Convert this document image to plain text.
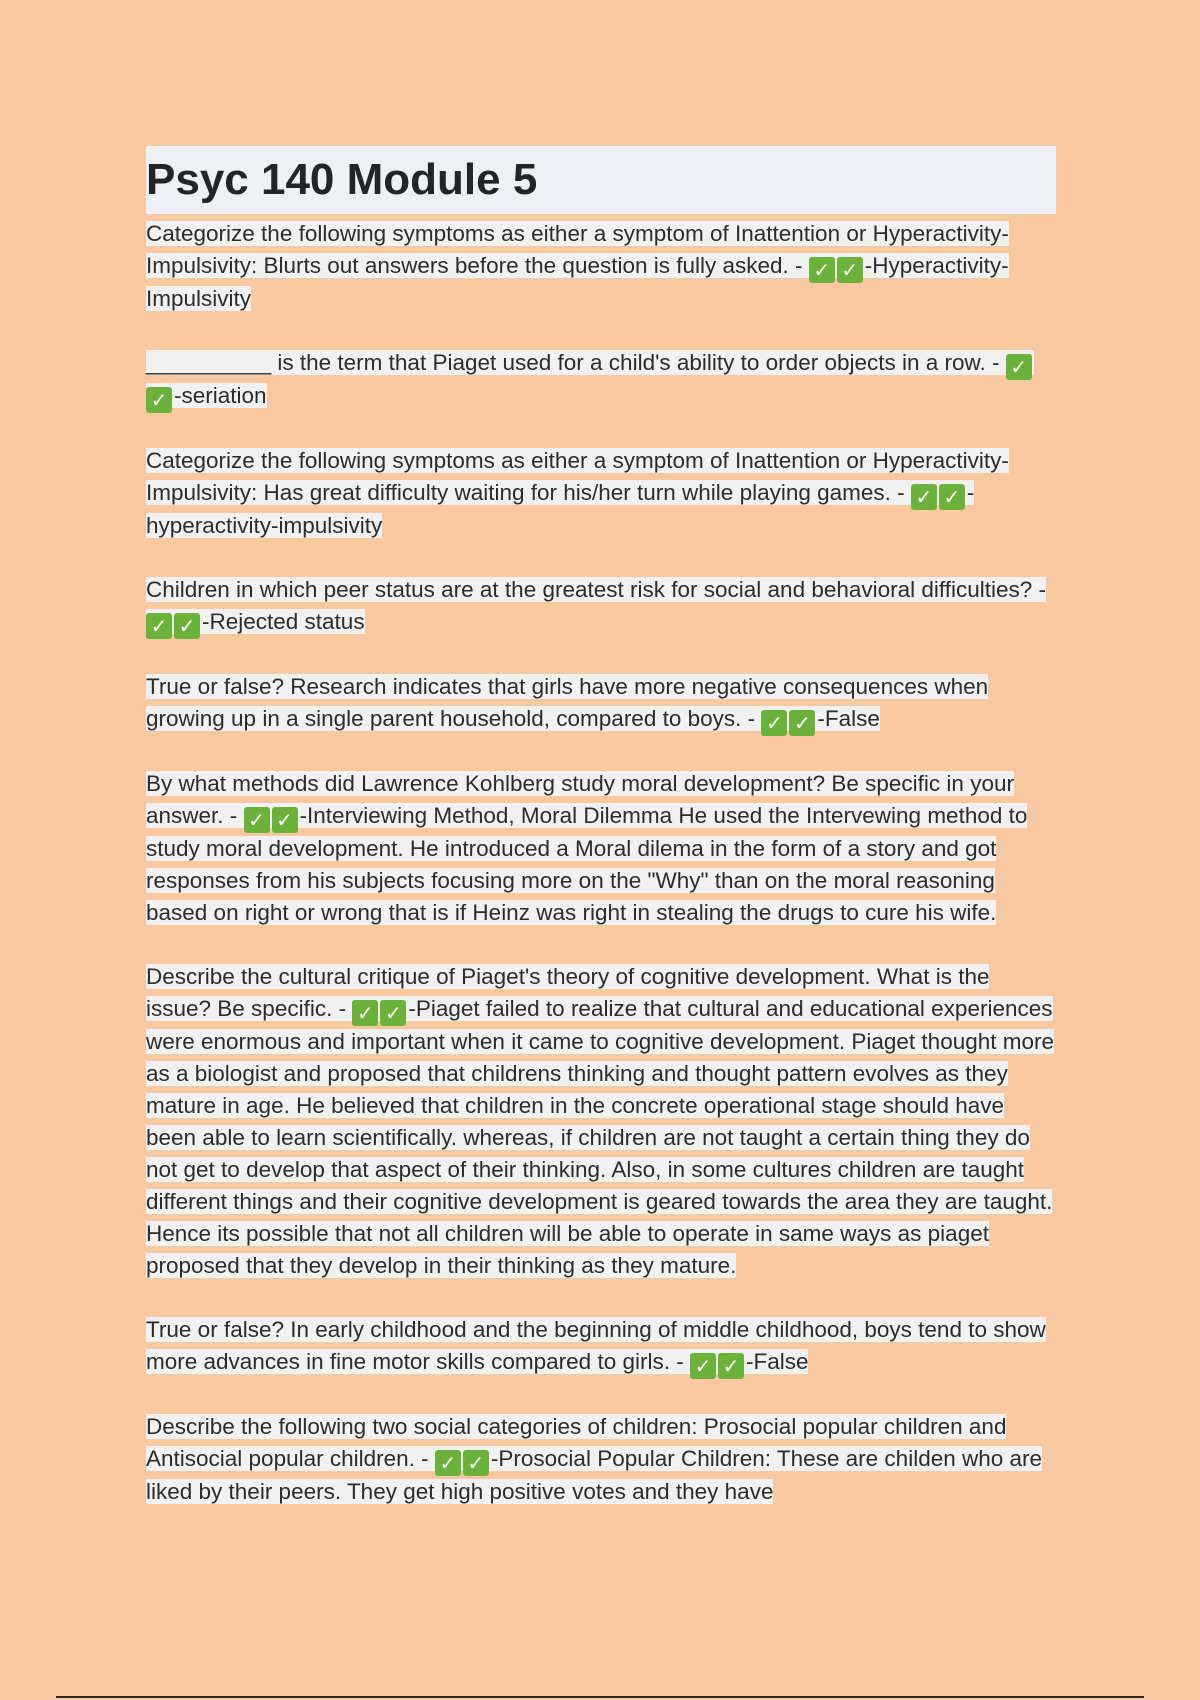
Psyc 140 Module 5

Categorize the following symptoms as either a symptom of Inattention or Hyperactivity-Impulsivity: Blurts out answers before the question is fully asked. - ✓ ✓ -Hyperactivity-Impulsivity

__________ is the term that Piaget used for a child's ability to order objects in a row. - ✓✓ -seriation

Categorize the following symptoms as either a symptom of Inattention or Hyperactivity-Impulsivity: Has great difficulty waiting for his/her turn while playing games. - ✓ ✓ -hyperactivity-impulsivity

Children in which peer status are at the greatest risk for social and behavioral difficulties? - ✓ ✓ -Rejected status

True or false? Research indicates that girls have more negative consequences when growing up in a single parent household, compared to boys. - ✓ ✓ -False

By what methods did Lawrence Kohlberg study moral development? Be specific in your answer. - ✓ ✓ -Interviewing Method, Moral Dilemma He used the Intervewing method to study moral development. He introduced a Moral dilema in the form of a story and got responses from his subjects focusing more on the "Why" than on the moral reasoning based on right or wrong that is if Heinz was right in stealing the drugs to cure his wife.

Describe the cultural critique of Piaget's theory of cognitive development. What is the issue? Be specific. - ✓ ✓ -Piaget failed to realize that cultural and educational experiences were enormous and important when it came to cognitive development. Piaget thought more as a biologist and proposed that childrens thinking and thought pattern evolves as they mature in age. He believed that children in the concrete operational stage should have been able to learn scientifically. whereas, if children are not taught a certain thing they do not get to develop that aspect of their thinking. Also, in some cultures children are taught different things and their cognitive development is geared towards the area they are taught. Hence its possible that not all children will be able to operate in same ways as piaget proposed that they develop in their thinking as they mature.

True or false? In early childhood and the beginning of middle childhood, boys tend to show more advances in fine motor skills compared to girls. - ✓ ✓ -False

Describe the following two social categories of children: Prosocial popular children and Antisocial popular children. - ✓ ✓ -Prosocial Popular Children: These are childen who are liked by their peers. They get high positive votes and they have
